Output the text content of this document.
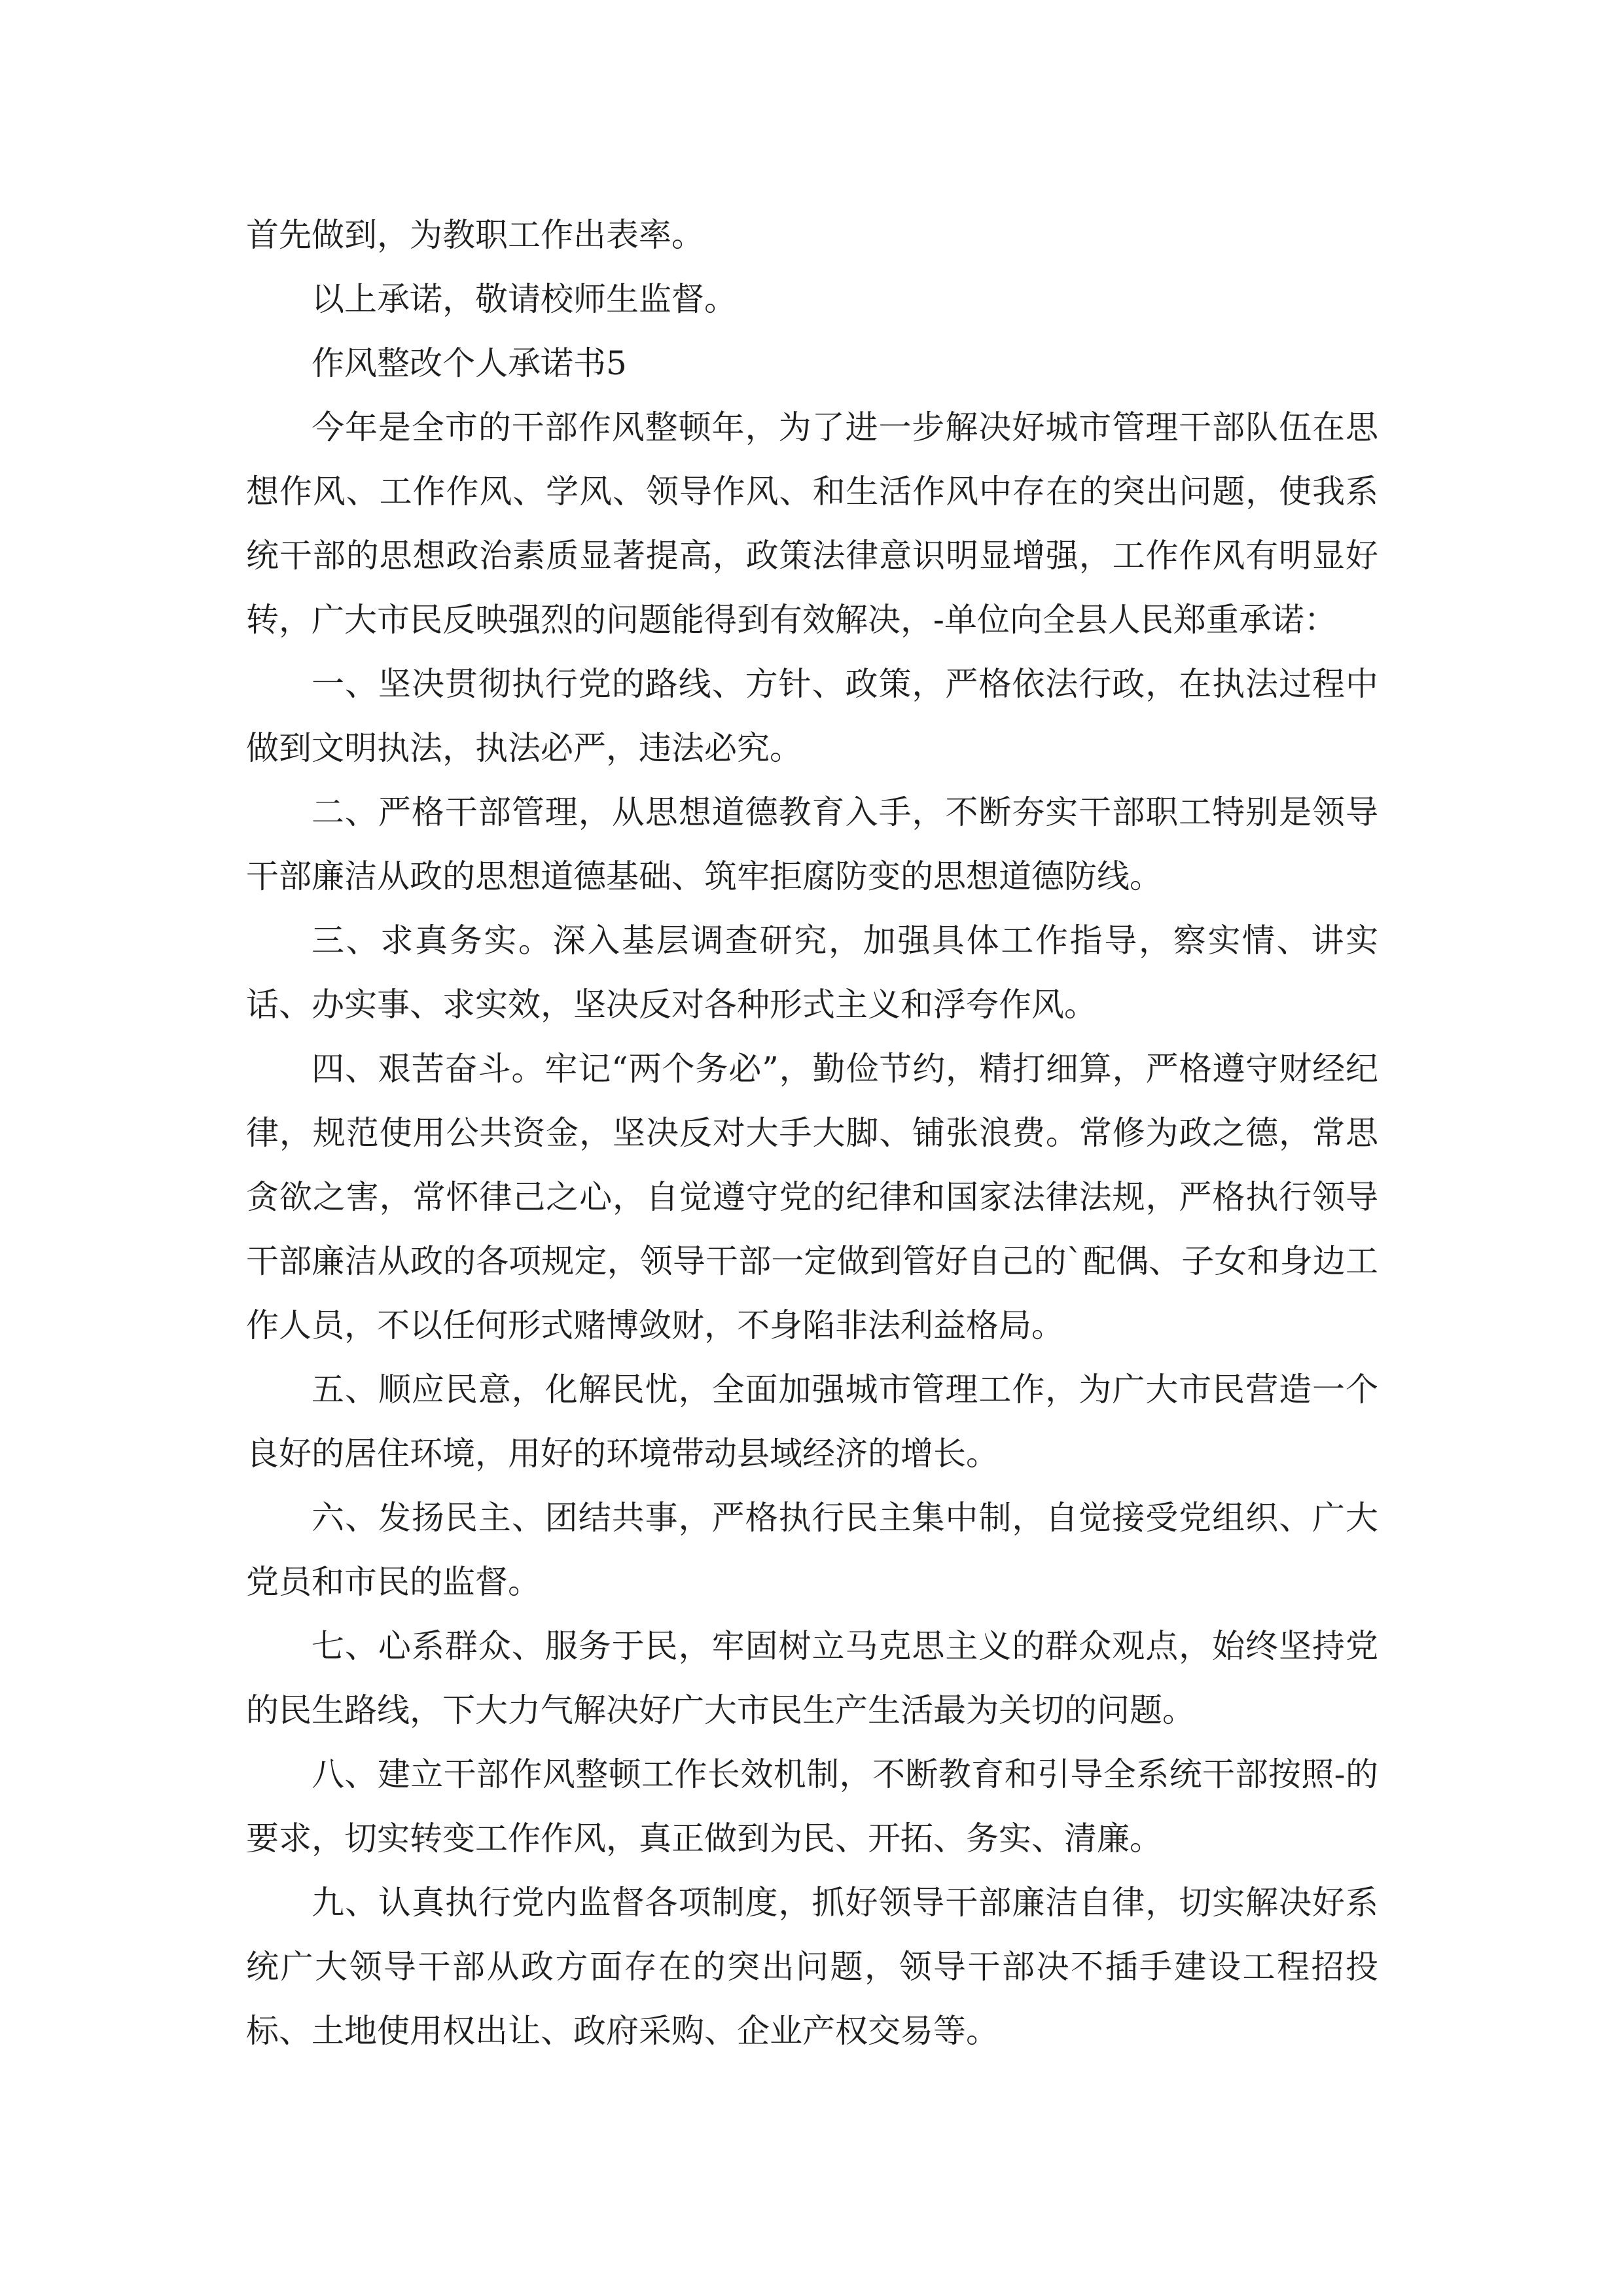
首先做到，为教职工作出表率。

以上承诺，敬请校师生监督。

作风整改个人承诺书5

今年是全市的干部作风整顿年，为了进一步解决好城市管理干部队伍在思想作风、工作作风、学风、领导作风、和生活作风中存在的突出问题，使我系统干部的思想政治素质显著提高，政策法律意识明显增强，工作作风有明显好转，广大市民反映强烈的问题能得到有效解决，-单位向全县人民郑重承诺：

一、坚决贯彻执行党的路线、方针、政策，严格依法行政，在执法过程中做到文明执法，执法必严，违法必究。

二、严格干部管理，从思想道德教育入手，不断夯实干部职工特别是领导干部廉洁从政的思想道德基础、筑牢拒腐防变的思想道德防线。

三、求真务实。深入基层调查研究，加强具体工作指导，察实情、讲实话、办实事、求实效，坚决反对各种形式主义和浮夸作风。

四、艰苦奋斗。牢记“两个务必”，勤俭节约，精打细算，严格遵守财经纪律，规范使用公共资金，坚决反对大手大脚、铺张浪费。常修为政之德，常思贪欲之害，常怀律己之心，自觉遵守党的纪律和国家法律法规，严格执行领导干部廉洁从政的各项规定，领导干部一定做到管好自己的`配偶、子女和身边工作人员，不以任何形式赌博敛财，不身陷非法利益格局。

五、顺应民意，化解民忧，全面加强城市管理工作，为广大市民营造一个良好的居住环境，用好的环境带动县域经济的增长。

六、发扬民主、团结共事，严格执行民主集中制，自觉接受党组织、广大党员和市民的监督。

七、心系群众、服务于民，牢固树立马克思主义的群众观点，始终坚持党的民生路线，下大力气解决好广大市民生产生活最为关切的问题。

八、建立干部作风整顿工作长效机制，不断教育和引导全系统干部按照-的要求，切实转变工作作风，真正做到为民、开拓、务实、清廉。

九、认真执行党内监督各项制度，抓好领导干部廉洁自律，切实解决好系统广大领导干部从政方面存在的突出问题，领导干部决不插手建设工程招投标、土地使用权出让、政府采购、企业产权交易等。
